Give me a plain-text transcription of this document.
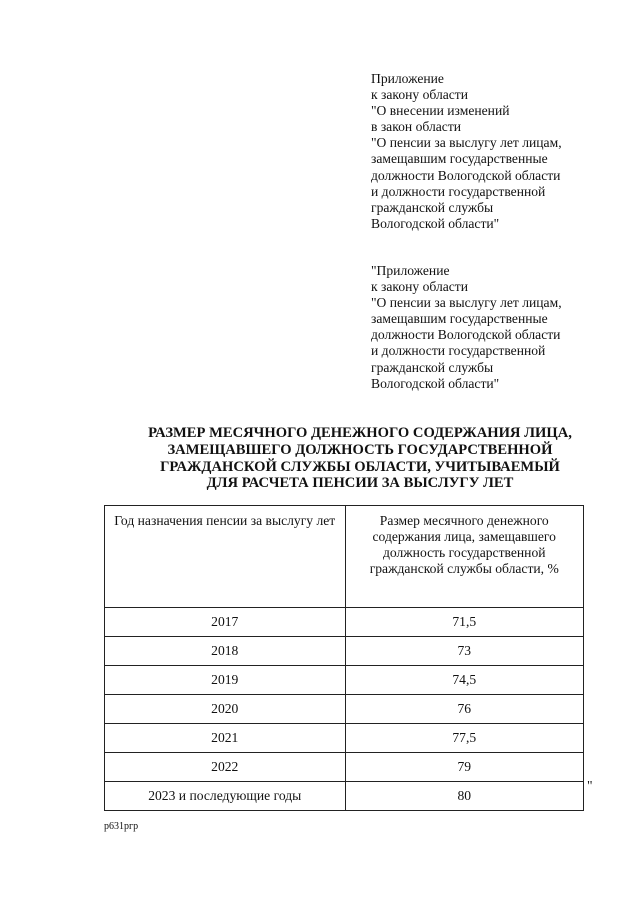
Приложение
к закону области
"О внесении изменений
в закон области
"О пенсии за выслугу лет лицам,
замещавшим государственные
должности Вологодской области
и должности государственной
гражданской службы
Вологодской области"
"Приложение
к закону области
"О пенсии за выслугу лет лицам,
замещавшим государственные
должности Вологодской области
и должности государственной
гражданской службы
Вологодской области"
РАЗМЕР МЕСЯЧНОГО ДЕНЕЖНОГО СОДЕРЖАНИЯ ЛИЦА,
ЗАМЕЩАВШЕГО ДОЛЖНОСТЬ ГОСУДАРСТВЕННОЙ
ГРАЖДАНСКОЙ СЛУЖБЫ ОБЛАСТИ, УЧИТЫВАЕМЫЙ
ДЛЯ РАСЧЕТА ПЕНСИИ ЗА ВЫСЛУГУ ЛЕТ
Год назначения пенсии за выслугу лет	Размер месячного денежного содержания лица, замещавшего должность государственной гражданской службы области, %
2017	71,5
2018	73
2019	74,5
2020	76
2021	77,5
2022	79
2023 и последующие годы	80
"
р631ргр
